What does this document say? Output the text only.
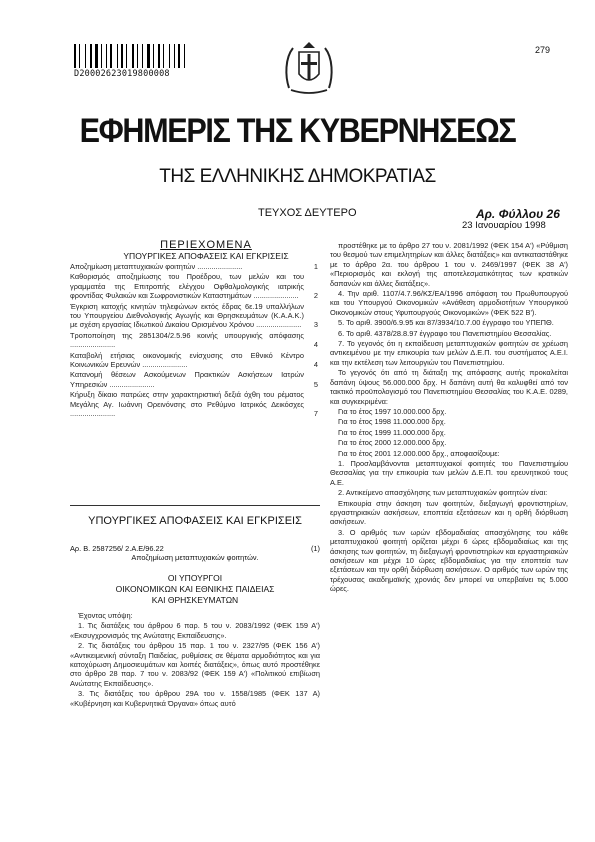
D20002623019800008
279
ΕΦΗΜΕΡΙΣ ΤΗΣ ΚΥΒΕΡΝΗΣΕΩΣ
ΤΗΣ ΕΛΛΗΝΙΚΗΣ ΔΗΜΟΚΡΑΤΙΑΣ
ΤΕΥΧΟΣ ΔΕΥΤΕΡΟ	Αρ. Φύλλου 26
23 Ιανουαρίου 1998
ΠΕΡΙΕΧΟΜΕΝΑ
ΥΠΟΥΡΓΙΚΕΣ ΑΠΟΦΑΣΕΙΣ ΚΑΙ ΕΓΚΡΙΣΕΙΣ
Αποζημίωση μεταπτυχιακών φοιτητών ......................	1
Καθορισμός αποζημίωσης του Προέδρου, των μελών και του γραμματέα της Επιτροπής ελέγχου Οφθαλμολογικής ιατρικής φροντίδας Φυλακών και Σωφρονιστικών Καταστημάτων ......................	2
Έγκριση κατοχής κινητών τηλεφώνων εκτός έδρας 6ε.19 υπαλλήλων του Υπουργείου Διεθνολογικής Αγωγής και Θρησκευμάτων (Κ.Α.Α.Κ.) με σχέση εργασίας Ιδιωτικού Δικαίου Ορισμένου Χρόνου ......................	3
Τροποποίηση της 2851304/2.5.96 κοινής υπουργικής απόφασης ......................	4
Καταβολή ετήσιας οικονομικής ενίσχυσης στο Εθνικό Κέντρο Κοινωνικών Ερευνών ......................	4
Κατανομή θέσεων Ασκούμενων Πρακτικών Ασκήσεων Ιατρών Υπηρεσιών ......................	5
Κήρυξη δίκαιο πατρώες στην χαρακτηριστική δεξιά όχθη του ρέματος Μεγάλης Αγ. Ιωάννη Ορεινόνσης στο Ρεθύμνο Ιατρικός Δεικόσχες ......................	7
ΥΠΟΥΡΓΙΚΕΣ ΑΠΟΦΑΣΕΙΣ ΚΑΙ ΕΓΚΡΙΣΕΙΣ
Αρ. Β. 2587256/ 2.Α.Ε/96.22	(1)
Αποζημίωση μεταπτυχιακών φοιτητών.
ΟΙ ΥΠΟΥΡΓΟΙ
ΟΙΚΟΝΟΜΙΚΩΝ ΚΑΙ ΕΘΝΙΚΗΣ ΠΑΙΔΕΙΑΣ
ΚΑΙ ΘΡΗΣΚΕΥΜΑΤΩΝ

Έχοντας υπόψη:

1. Τις διατάξεις του άρθρου 6 παρ. 5 του ν. 2083/1992 (ΦΕΚ 159 Α') «Εκσυγχρονισμός της Ανώτατης Εκπαίδευσης».

2. Τις διατάξεις του άρθρου 15 παρ. 1 του ν. 2327/95 (ΦΕΚ 156 Α') «Αντικειμενική σύνταξη Παιδείας, ρυθμίσεις σε θέματα αρμοδιότητος και για κατοχύρωση Δημοσιευμάτων και λοιπές διατάξεις», όπως αυτό προστέθηκε στο άρθρο 28 παρ. 7 του ν. 2083/92 (ΦΕΚ 159 Α') «Πολιτικού επιβίωση Ανώτατης Εκπαίδευσης».

3. Τις διατάξεις του άρθρου 29Α του ν. 1558/1985 (ΦΕΚ 137 Α) «Κυβέρνηση και Κυβερνητικά Όργανα» όπως αυτό

προστέθηκε με το άρθρο 27 του ν. 2081/1992 (ΦΕΚ 154 Α') «Ρύθμιση του θεσμού των επιμελητηρίων και άλλες διατάξεις» και αντικαταστάθηκε με το άρθρο 2α. του άρθρου 1 του ν. 2469/1997 (ΦΕΚ 38 Α') «Περιορισμός και εκλογή της αποτελεσματικότητας των κρατικών δαπανών και άλλες διατάξεις».

4. Την αριθ. 1107/4.7.96/ΚΣ/ΕΑ/1996 απόφαση του Πρωθυπουργού και του Υπουργού Οικονομικών «Ανάθεση αρμοδιοτήτων Υπουργικού Οικονομικών στους Υφυπουργούς Οικονομικών» (ΦΕΚ 522 Β').

5. Το αριθ. 3900/6.9.95 και 87/3934/10.7.00 έγγραφο του ΥΠΕΠΘ.

6. Το αριθ. 4378/28.8.97 έγγραφο του Πανεπιστημίου Θεσσαλίας.

7. Το γεγονός ότι η εκπαίδευση μεταπτυχιακών φοιτητών σε χρέωση αντικειμένου με την επικουρία των μελών Δ.Ε.Π. του συστήματος Α.Ε.Ι. και την εκτέλεση των λειτουργιών του Πανεπιστημίου.

Το γεγονός ότι από τη διάταξη της απόφασης αυτής προκαλείται δαπάνη ύψους 56.000.000 δρχ. Η δαπάνη αυτή θα καλυφθεί από τον τακτικό προϋπολογισμό του Πανεπιστημίου Θεσσαλίας του Κ.Α.Ε. 0289, και συγκεκριμένα:

Για το έτος 1997 10.000.000 δρχ.

Για το έτος 1998 11.000.000 δρχ.

Για το έτος 1999 11.000.000 δρχ.

Για το έτος 2000 12.000.000 δρχ.

Για το έτος 2001 12.000.000 δρχ., αποφασίζουμε:

1. Προσλαμβάνονται μεταπτυχιακοί φοιτητές του Πανεπιστημίου Θεσσαλίας για την επικουρία των μελών Δ.Ε.Π. του ερευνητικού τους Α.Ε.

2. Αντικείμενο απασχόλησης των μεταπτυχιακών φοιτητών είναι:

Επικουρία στην άσκηση των φοιτητών, διεξαγωγή φροντιστηρίων, εργαστηριακών ασκήσεων, εποπτεία εξετάσεων και η ορθή διόρθωση ασκήσεων.

3. Ο αριθμός των ωρών εβδομαδιαίας απασχόλησης του κάθε μεταπτυχιακού φοιτητή ορίζεται μέχρι 6 ώρες εβδομαδιαίως και της άσκησης των φοιτητών, τη διεξαγωγή φροντιστηρίων και εργαστηριακών ασκήσεων και μέχρι 10 ώρες εβδομαδιαίως για την εποπτεία των εξετάσεων και την ορθή διόρθωση ασκήσεων. Ο αριθμός των ωρών της τρέχουσας ακαδημαϊκής χρονιάς δεν μπορεί να υπερβαίνει τις 5.000 ώρες.
